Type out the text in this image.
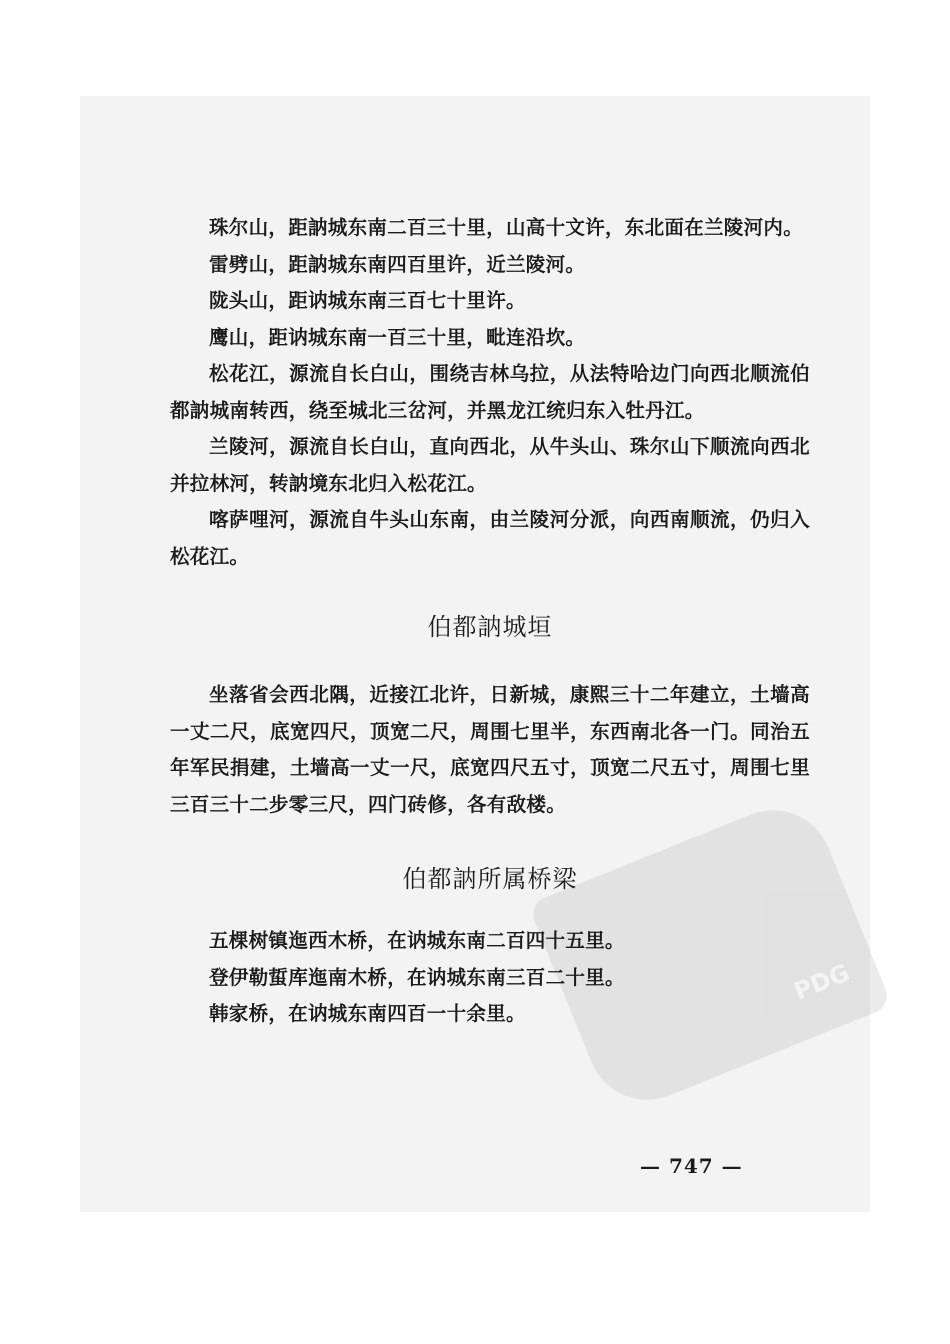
PDG

珠尔山，距訥城东南二百三十里，山高十文许，东北面在兰陵河内。

雷劈山，距訥城东南四百里许，近兰陵河。

陇头山，距讷城东南三百七十里许。

鹰山，距讷城东南一百三十里，毗连沿坎。

松花江，源流自长白山，围绕吉林乌拉，从法特哈边门向西北顺流伯都訥城南转西，绕至城北三岔河，并黑龙江统归东入牡丹江。

兰陵河，源流自长白山，直向西北，从牛头山、珠尔山下顺流向西北并拉林河，转訥境东北归入松花江。

喀萨哩河，源流自牛头山东南，由兰陵河分派，向西南顺流，仍归入松花江。

伯都訥城垣

坐落省会西北隅，近接江北许，日新城，康熙三十二年建立，土墙高一丈二尺，底宽四尺，顶宽二尺，周围七里半，东西南北各一门。同治五年军民捐建，土墙高一丈一尺，底宽四尺五寸，顶宽二尺五寸，周围七里三百三十二步零三尺，四门砖修，各有敌楼。

伯都訥所属桥梁

五棵树镇迤西木桥，在讷城东南二百四十五里。

登伊勒蜇库迤南木桥，在讷城东南三百二十里。

韩家桥，在讷城东南四百一十余里。

— 747 —
